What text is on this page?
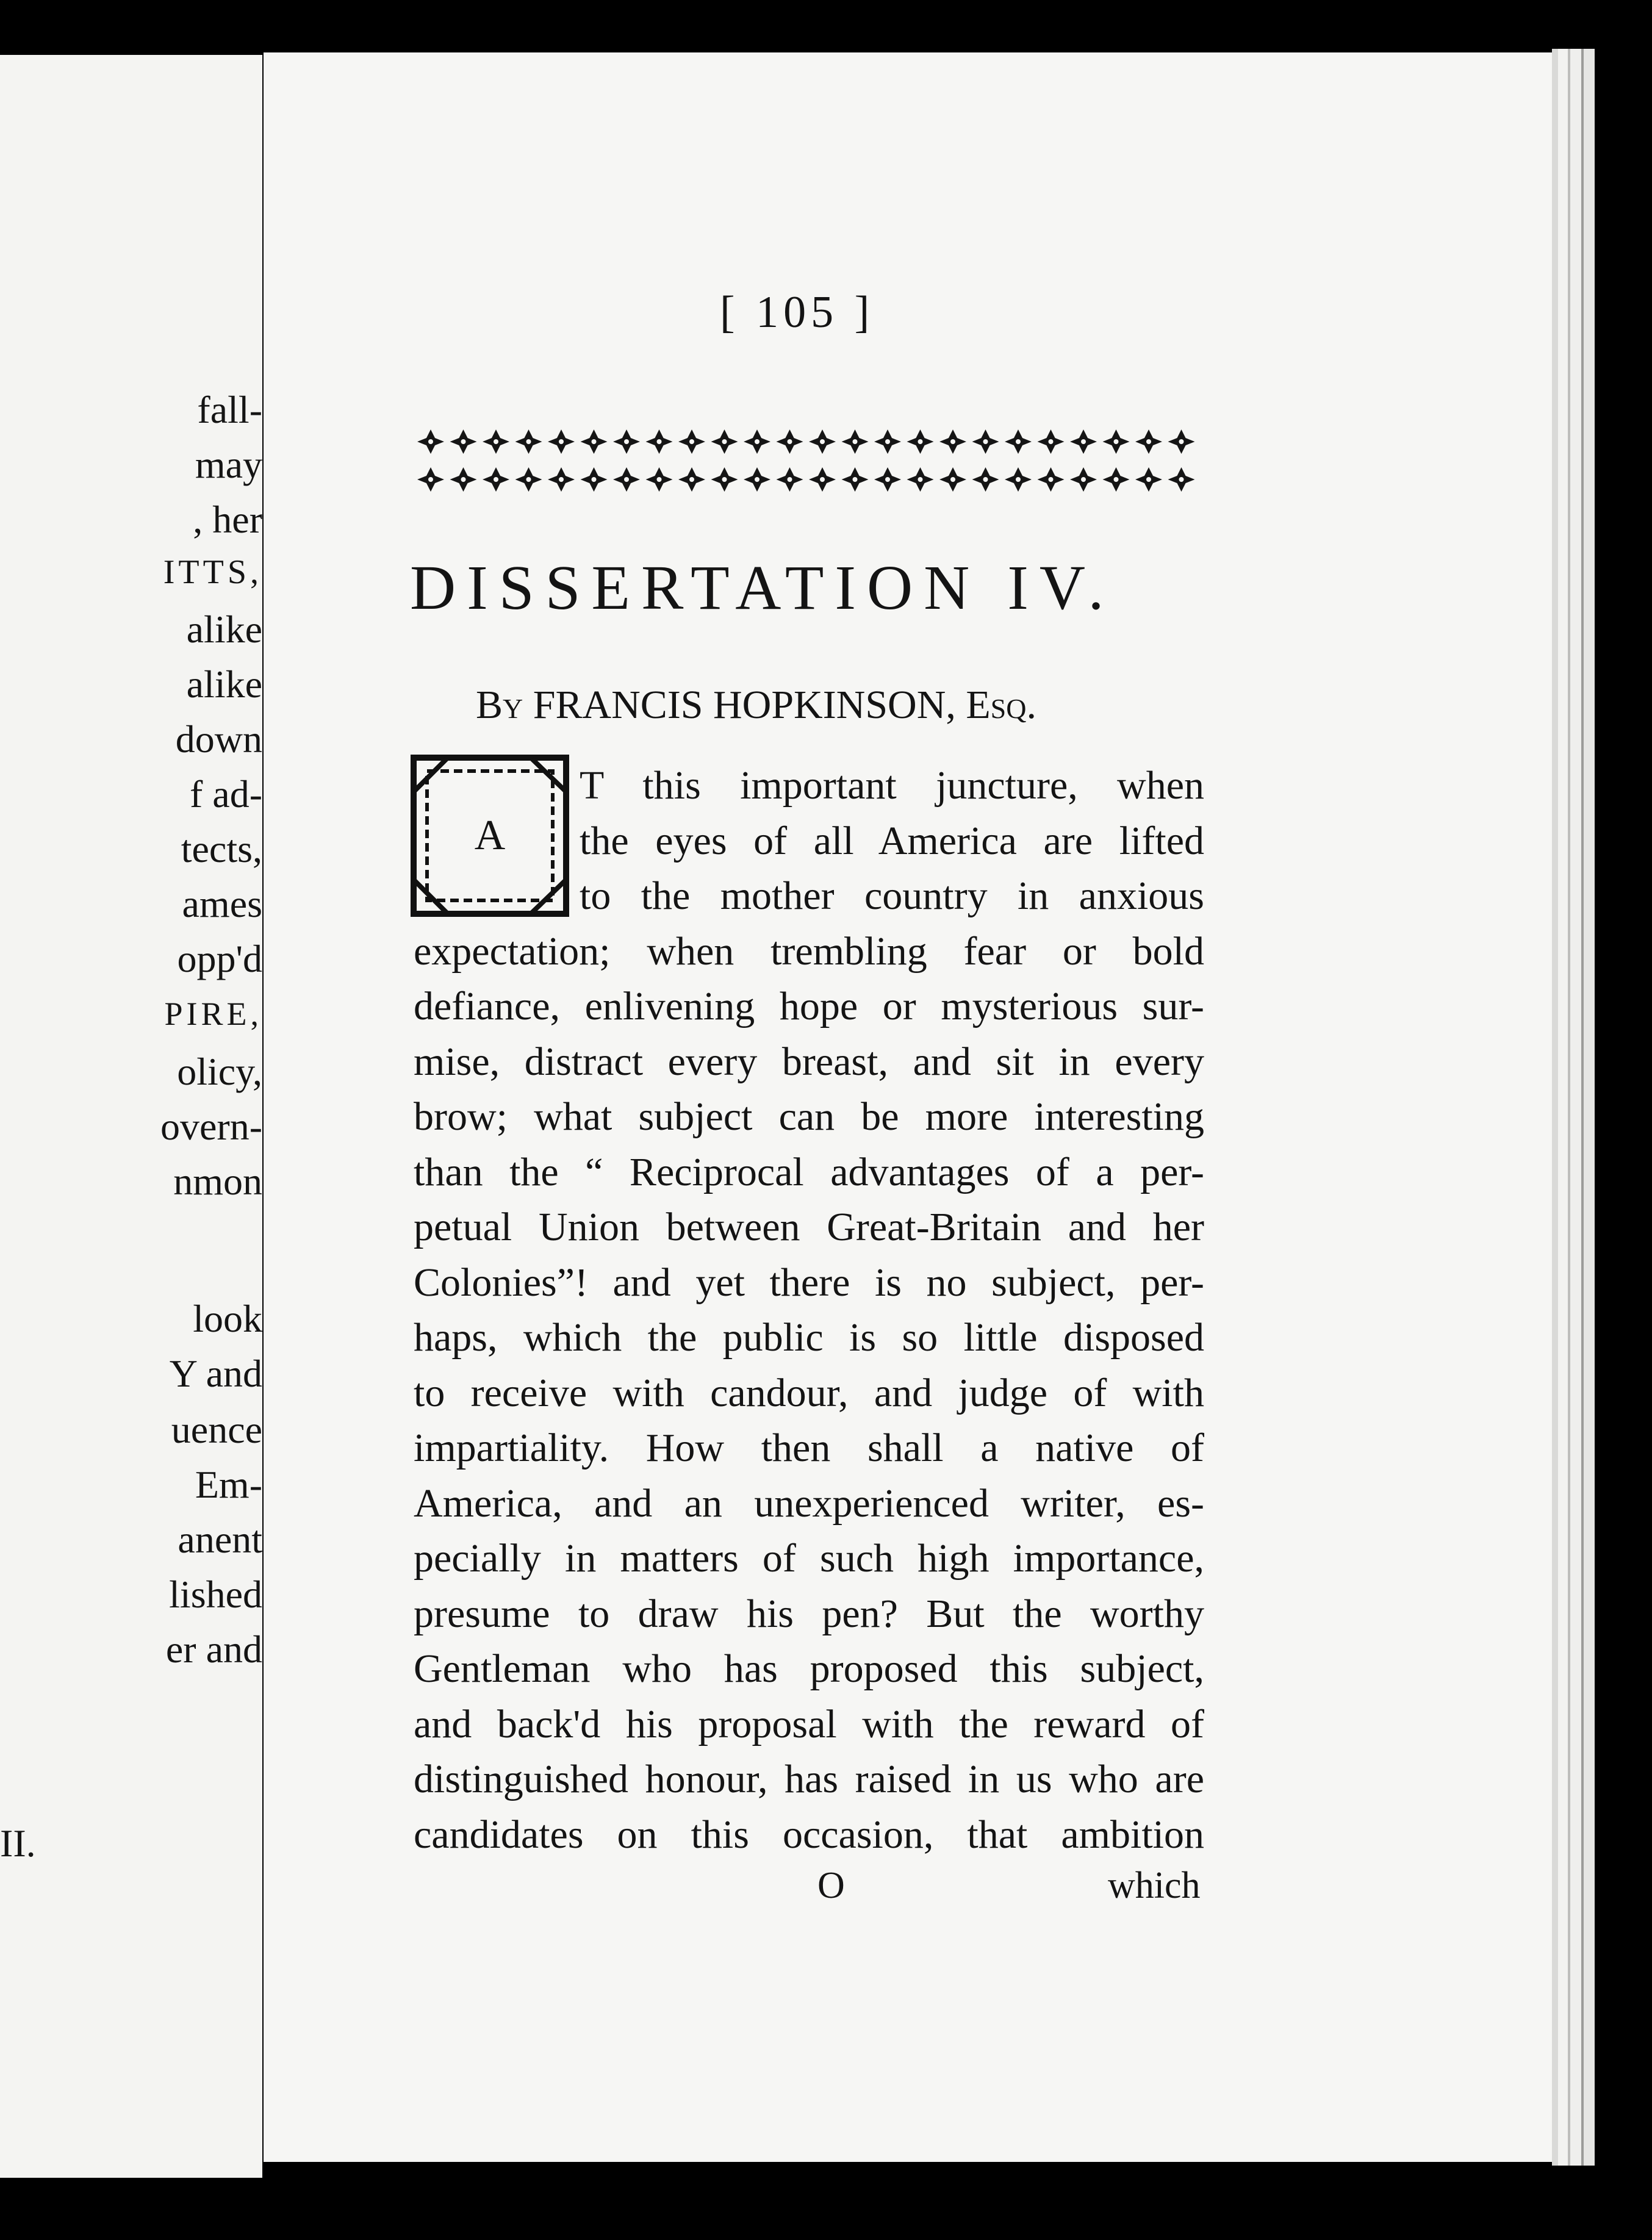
fall-
may
, her
ITTS,
alike
alike
down
f ad-
tects,
ames
opp'd
PIRE,
olicy,
overn-
nmon
look
Y and
uence
Em-
anent
lished
er and
II.
[ 105 ]
DISSERTATION IV.
By FRANCIS HOPKINSON, Esq.
A
T this important juncture, when
the eyes of all America are lifted
to the mother country in anxious
expectation; when trembling fear or bold
defiance, enlivening hope or mysterious sur-
mise, distract every breast, and sit in every
brow; what subject can be more interesting
than the “ Reciprocal advantages of a per-
petual Union between Great-Britain and her
Colonies”! and yet there is no subject, per-
haps, which the public is so little disposed
to receive with candour, and judge of with
impartiality. How then shall a native of
America, and an unexperienced writer, es-
pecially in matters of such high importance,
presume to draw his pen? But the worthy
Gentleman who has proposed this subject,
and back'd his proposal with the reward of
distinguished honour, has raised in us who are
candidates on this occasion, that ambition
O	which
